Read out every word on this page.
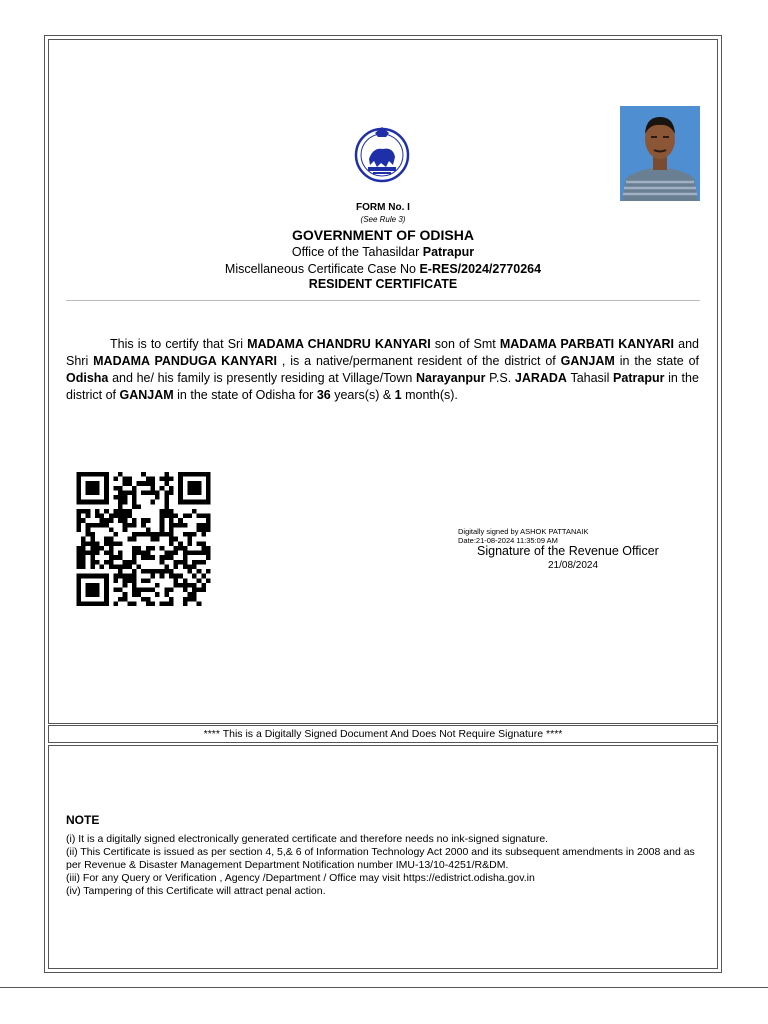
FORM No. I
(See Rule 3)
GOVERNMENT OF ODISHA
Office of the Tahasildar Patrapur
Miscellaneous Certificate Case No E-RES/2024/2770264
RESIDENT CERTIFICATE
This is to certify that Sri MADAMA CHANDRU KANYARI son of Smt MADAMA PARBATI KANYARI and Shri MADAMA PANDUGA KANYARI , is a native/permanent resident of the district of GANJAM in the state of Odisha and he/ his family is presently residing at Village/Town Narayanpur P.S. JARADA Tahasil Patrapur in the district of GANJAM in the state of Odisha for 36 years(s) & 1 month(s).
Digitally signed by ASHOK PATTANAIK
Date:21-08-2024 11:35:09 AM
Signature of the Revenue Officer
21/08/2024
**** This is a Digitally Signed Document And Does Not Require Signature ****
NOTE
(i) It is a digitally signed electronically generated certificate and therefore needs no ink-signed signature.
(ii) This Certificate is issued as per section 4, 5,& 6 of Information Technology Act 2000 and its subsequent amendments in 2008 and as per Revenue & Disaster Management Department Notification number IMU-13/10-4251/R&DM.
(iii) For any Query or Verification , Agency /Department / Office may visit https://edistrict.odisha.gov.in
(iv) Tampering of this Certificate will attract penal action.
